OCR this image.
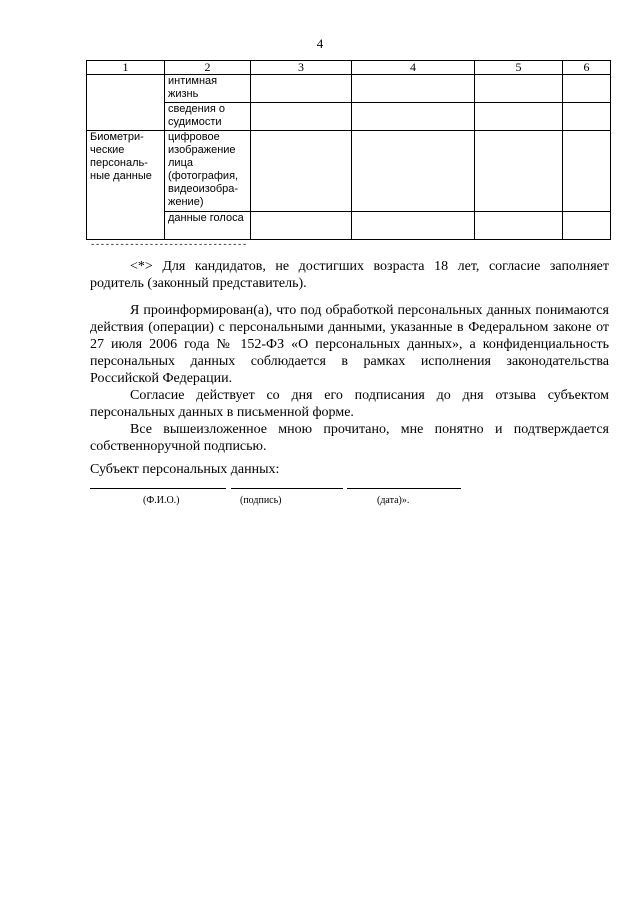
4
1	2	3	4	5	6
	интимная жизнь				
	сведения о судимости				
Биометри-ческие персональ-ные данные	цифровое изображение лица (фотография, видеоизобра-жение)				
	данные голоса				
--------------------------------

<*> Для кандидатов, не достигших возраста 18 лет, согласие заполняет родитель (законный представитель).

Я проинформирован(а), что под обработкой персональных данных понимаются действия (операции) с персональными данными, указанные в Федеральном законе от 27 июля 2006 года № 152-ФЗ «О персональных данных», а конфиденциальность персональных данных соблюдается в рамках исполнения законодательства Российской Федерации.

Согласие действует со дня его подписания до дня отзыва субъектом персональных данных в письменной форме.

Все вышеизложенное мною прочитано, мне понятно и подтверждается собственноручной подписью.

Субъект персональных данных:
(Ф.И.О.)	(подпись)	(дата)».
